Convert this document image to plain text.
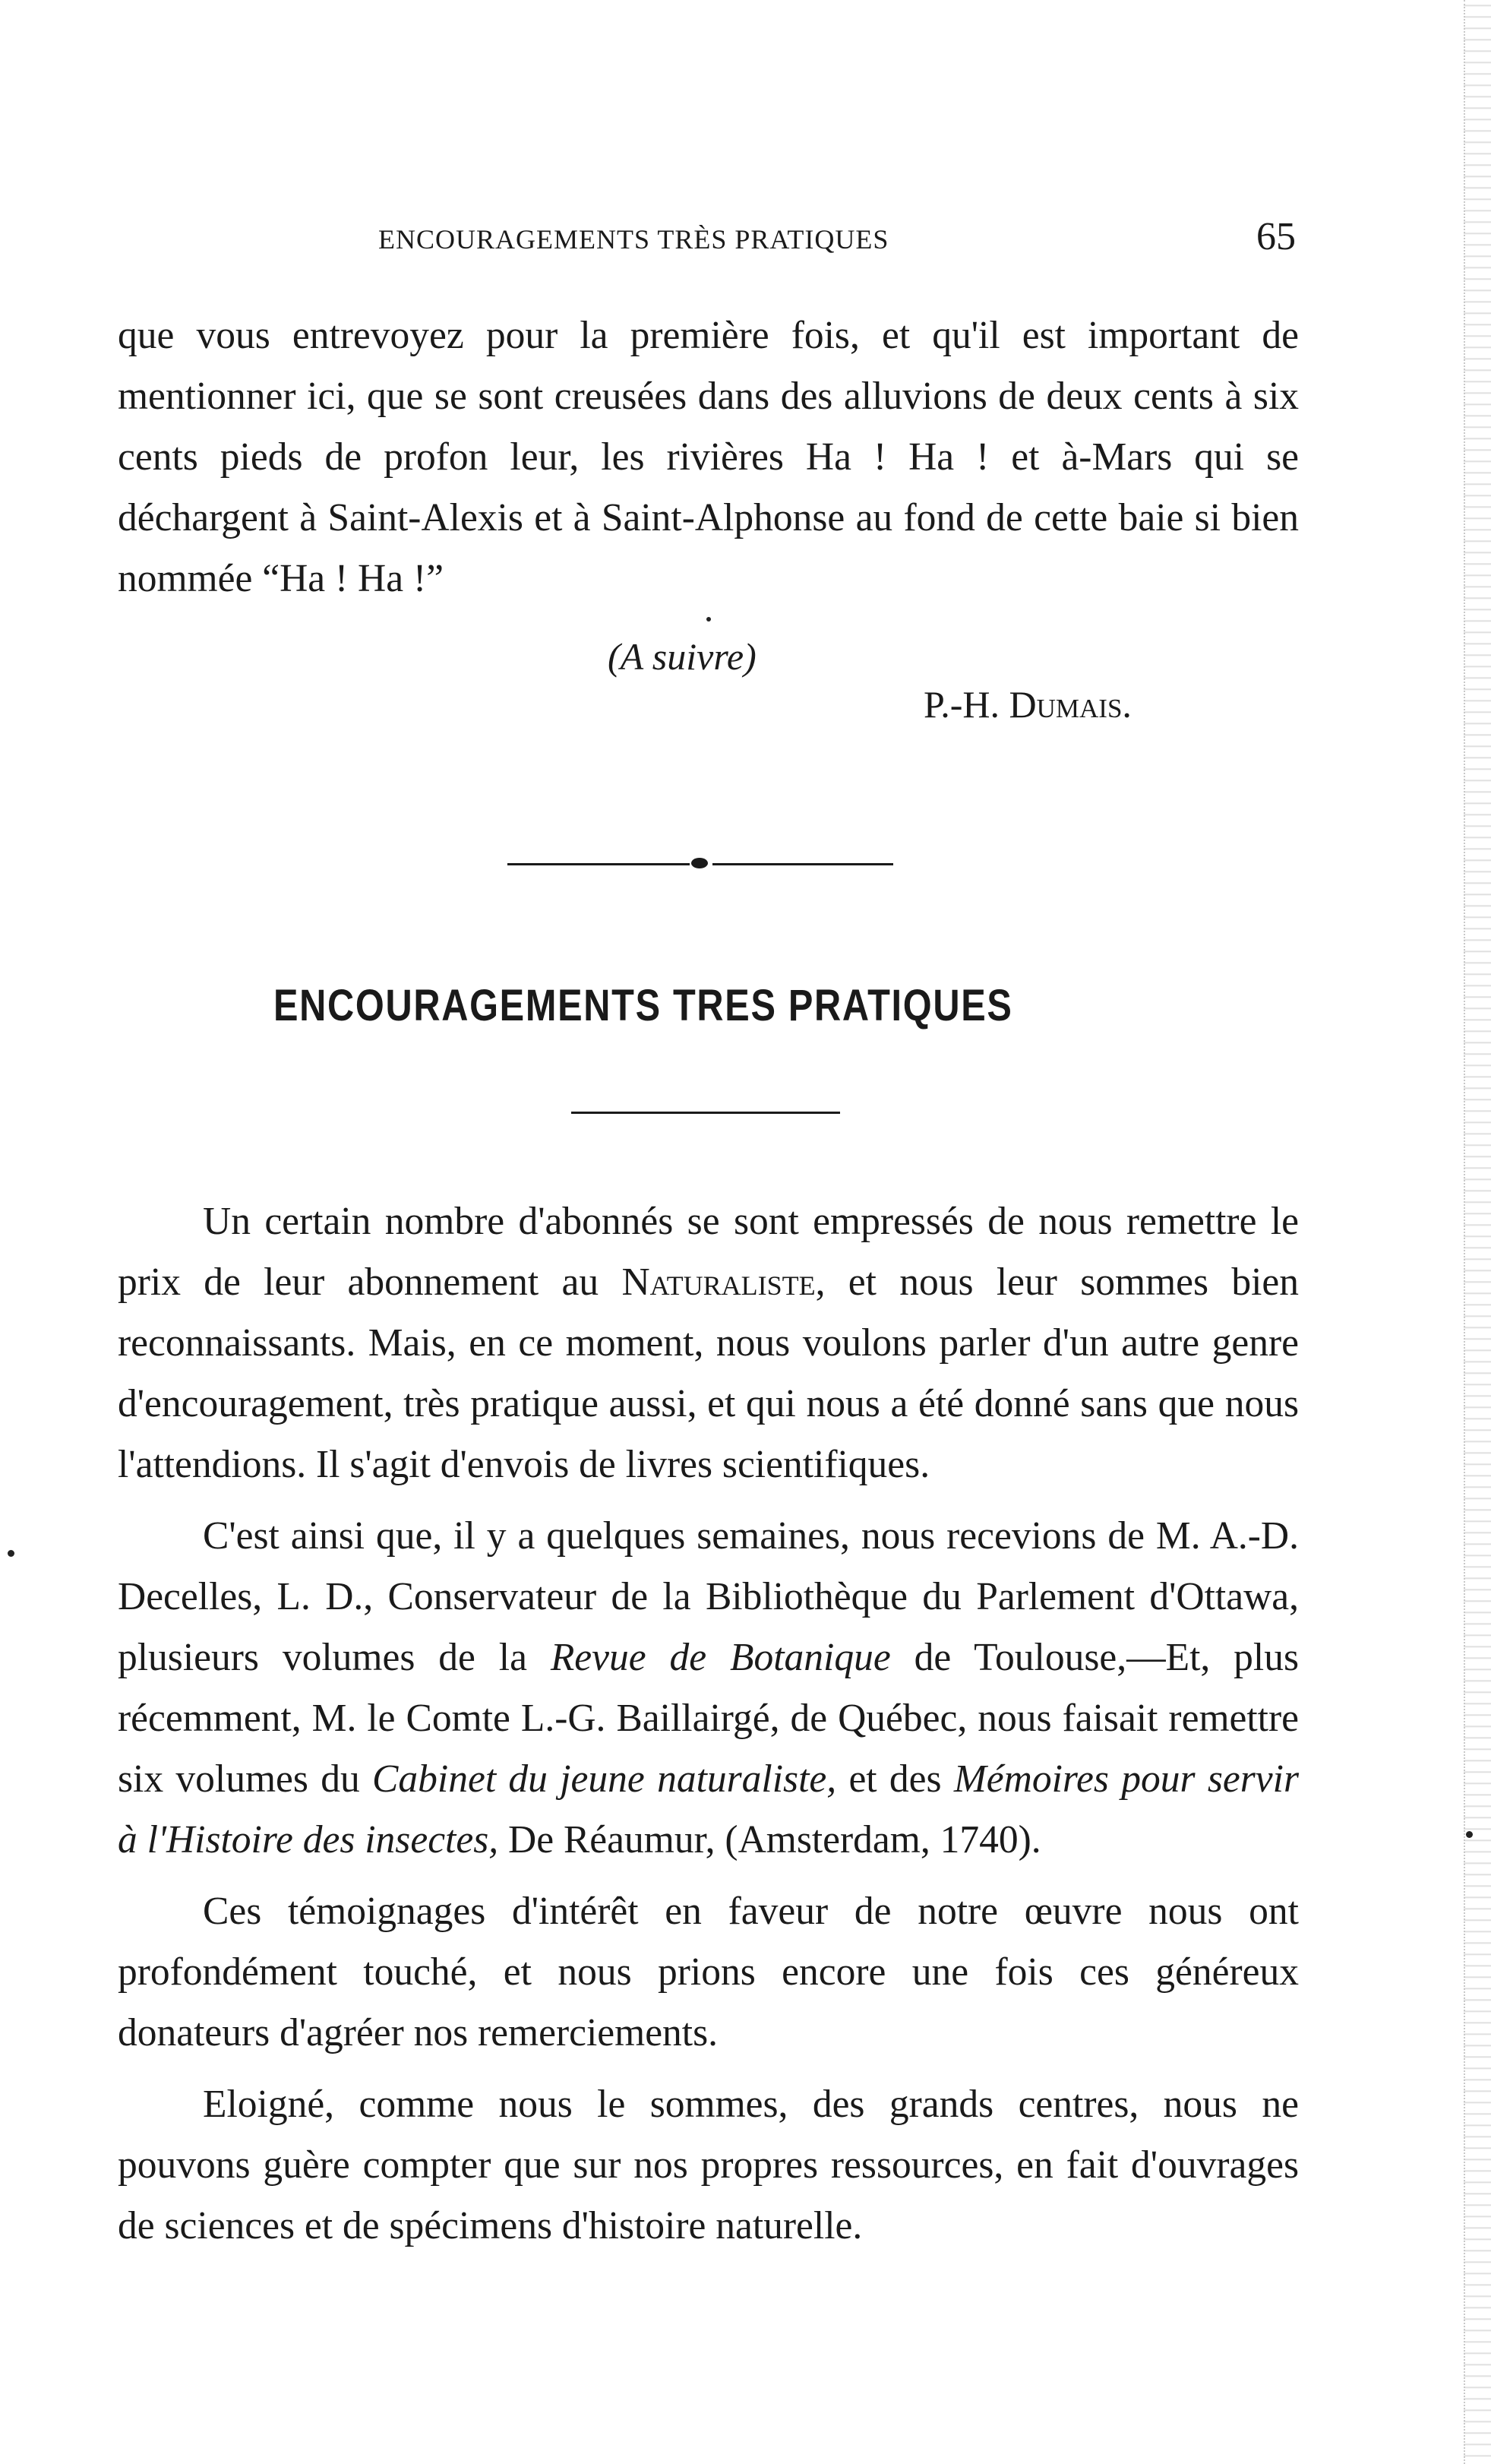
ENCOURAGEMENTS TRÈS PRATIQUES	65

que vous entrevoyez pour la première fois, et qu'il est important de mentionner ici, que se sont creusées dans des alluvions de deux cents à six cents pieds de profon leur, les rivières Ha ! Ha ! et à-Mars qui se déchargent à Saint-Alexis et à Saint-Alphonse au fond de cette baie si bien nommée “Ha ! Ha !”

(A suivre)
P.-H. Dumais.
ENCOURAGEMENTS TRES PRATIQUES

Un certain nombre d'abonnés se sont empressés de nous remettre le prix de leur abonnement au Naturaliste, et nous leur sommes bien reconnaissants. Mais, en ce moment, nous voulons parler d'un autre genre d'encouragement, très pratique aussi, et qui nous a été donné sans que nous l'attendions. Il s'agit d'envois de livres scientifiques.

C'est ainsi que, il y a quelques semaines, nous recevions de M. A.-D. Decelles, L. D., Conservateur de la Bibliothèque du Parlement d'Ottawa, plusieurs volumes de la Revue de Botanique de Toulouse,—Et, plus récemment, M. le Comte L.-G. Baillairgé, de Québec, nous faisait remettre six volumes du Cabinet du jeune naturaliste, et des Mémoires pour servir à l'Histoire des insectes, De Réaumur, (Amsterdam, 1740).

Ces témoignages d'intérêt en faveur de notre œuvre nous ont profondément touché, et nous prions encore une fois ces généreux donateurs d'agréer nos remerciements.

Eloigné, comme nous le sommes, des grands centres, nous ne pouvons guère compter que sur nos propres ressources, en fait d'ouvrages de sciences et de spécimens d'histoire naturelle.
